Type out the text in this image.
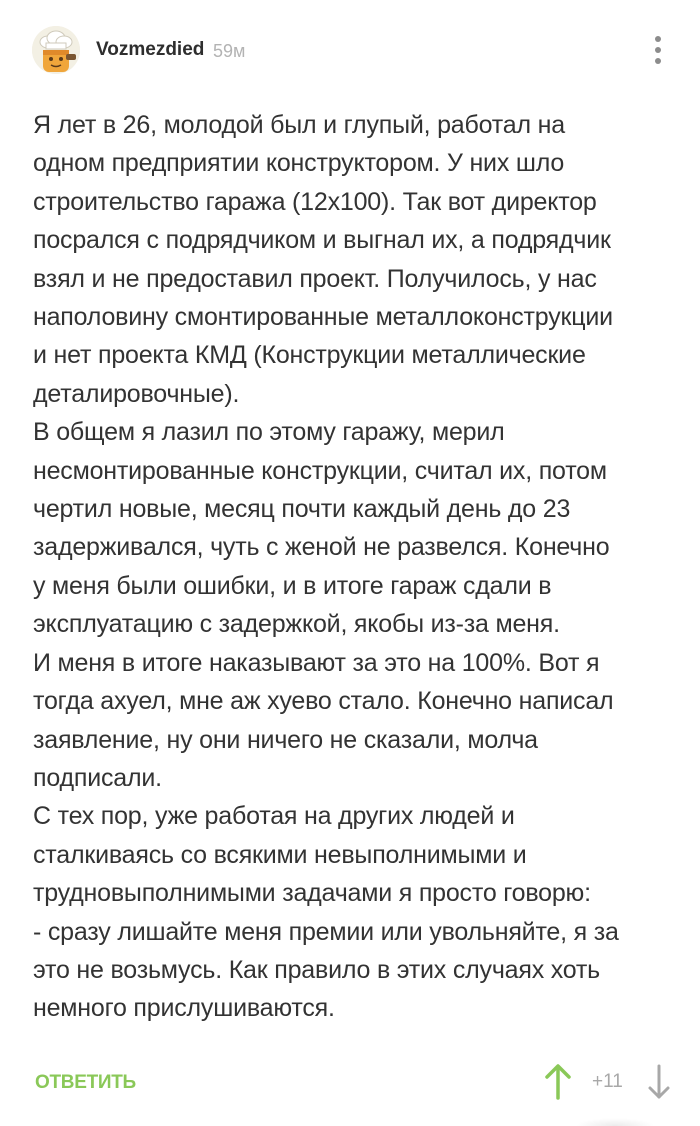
Vozmezdied 59м

Я лет в 26, молодой был и глупый, работал на

одном предприятии конструктором. У них шло

строительство гаража (12х100). Так вот директор

посрался с подрядчиком и выгнал их, а подрядчик

взял и не предоставил проект. Получилось, у нас

наполовину смонтированные металлоконструкции

и нет проекта КМД (Конструкции металлические

деталировочные).

В общем я лазил по этому гаражу, мерил

несмонтированные конструкции, считал их, потом

чертил новые, месяц почти каждый день до 23

задерживался, чуть с женой не развелся. Конечно

у меня были ошибки, и в итоге гараж сдали в

эксплуатацию с задержкой, якобы из-за меня.

И меня в итоге наказывают за это на 100%. Вот я

тогда ахуел, мне аж хуево стало. Конечно написал

заявление, ну они ничего не сказали, молча

подписали.

С тех пор, уже работая на других людей и

сталкиваясь со всякими невыполнимыми и

трудновыполнимыми задачами я просто говорю:

- сразу лишайте меня премии или увольняйте, я за

это не возьмусь. Как правило в этих случаях хоть

немного прислушиваются.

ОТВЕТИТЬ	+11
